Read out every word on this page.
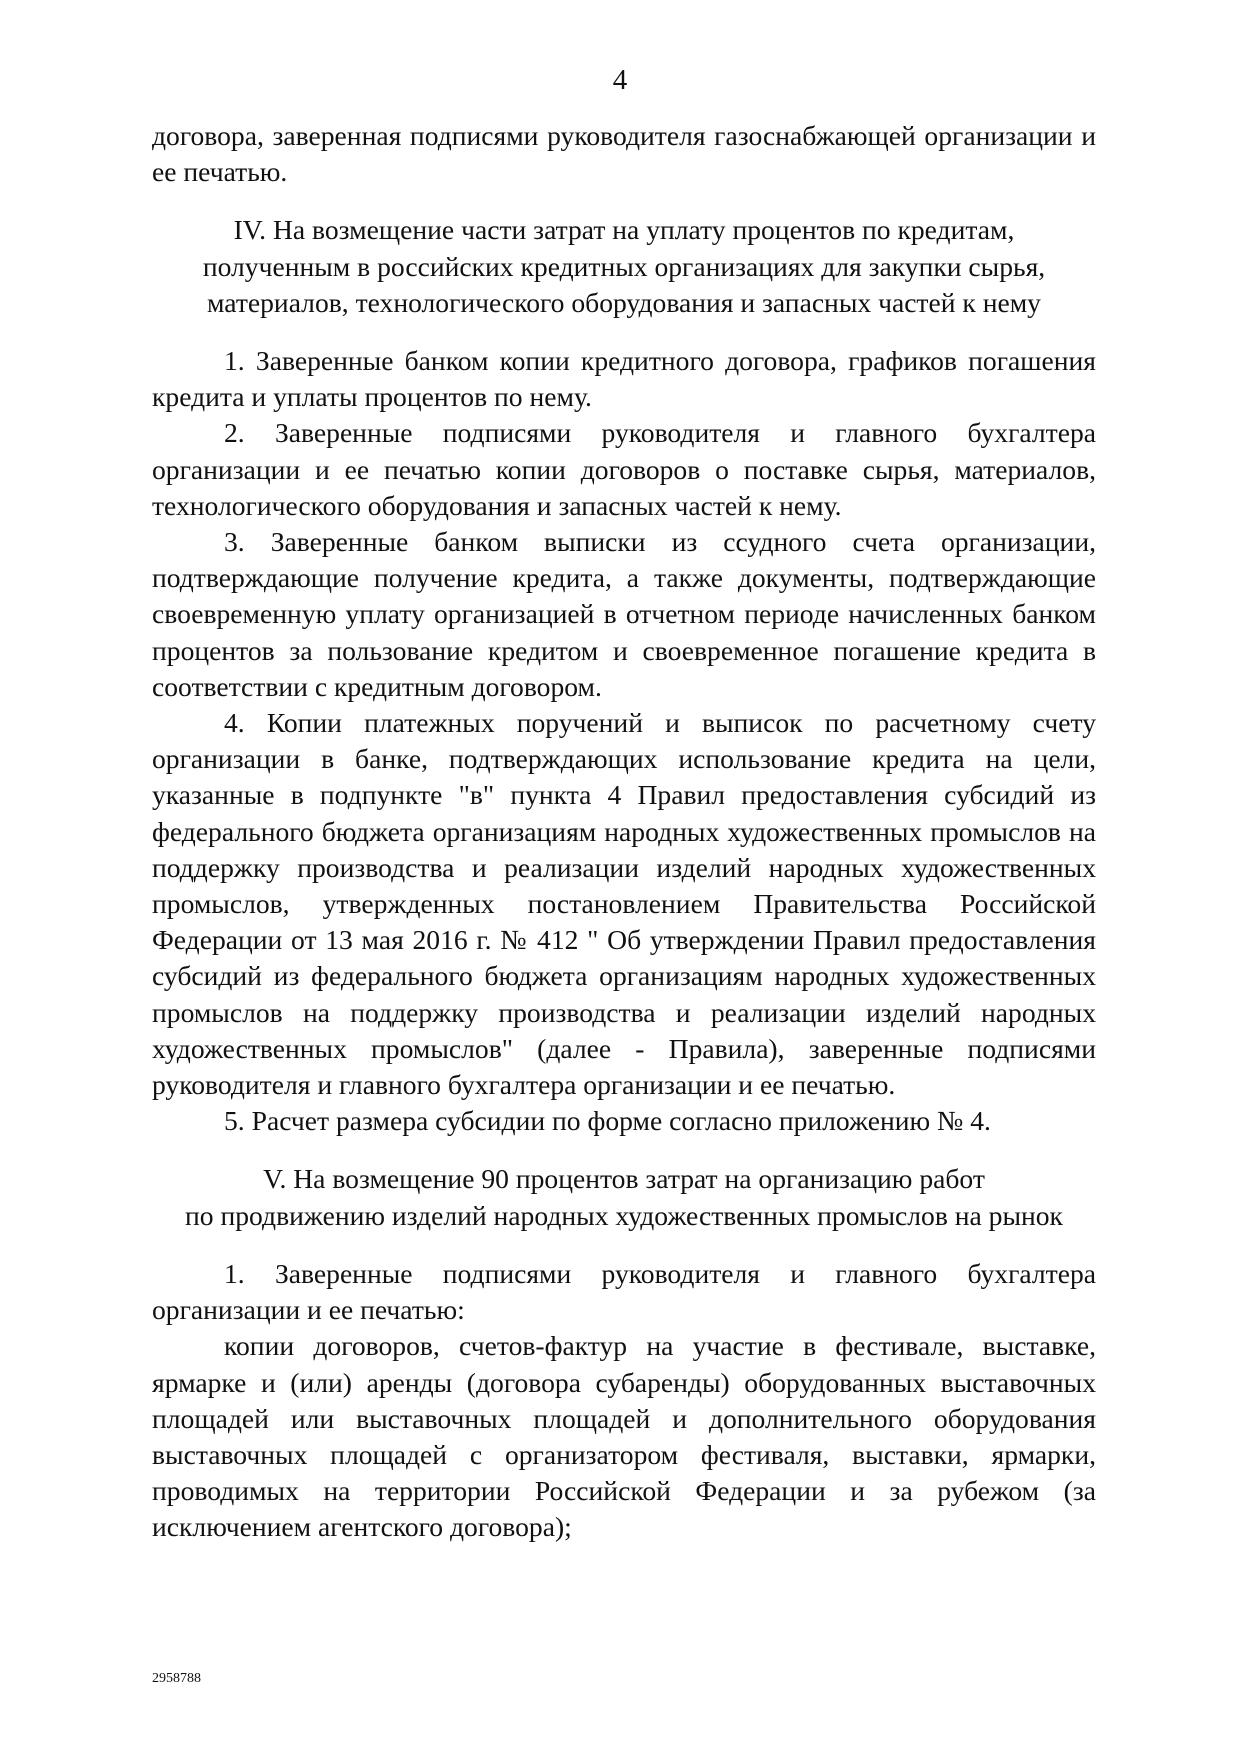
4

договора, заверенная подписями руководителя газоснабжающей организации и ее печатью.

IV. На возмещение части затрат на уплату процентов по кредитам,
полученным в российских кредитных организациях для закупки сырья,
материалов, технологического оборудования и запасных частей к нему

1. Заверенные банком копии кредитного договора, графиков погашения кредита и уплаты процентов по нему.

2. Заверенные подписями руководителя и главного бухгалтера организации и ее печатью копии договоров о поставке сырья, материалов, технологического оборудования и запасных частей к нему.

3. Заверенные банком выписки из ссудного счета организации, подтверждающие получение кредита, а также документы, подтверждающие своевременную уплату организацией в отчетном периоде начисленных банком процентов за пользование кредитом и своевременное погашение кредита в соответствии с кредитным договором.

4. Копии платежных поручений и выписок по расчетному счету организации в банке, подтверждающих использование кредита на цели, указанные в подпункте "в" пункта 4 Правил предоставления субсидий из федерального бюджета организациям народных художественных промыслов на поддержку производства и реализации изделий народных художественных промыслов, утвержденных постановлением Правительства Российской Федерации от 13 мая 2016 г. № 412 " Об утверждении Правил предоставления субсидий из федерального бюджета организациям народных художественных промыслов на поддержку производства и реализации изделий народных художественных промыслов" (далее - Правила), заверенные подписями руководителя и главного бухгалтера организации и ее печатью.

5. Расчет размера субсидии по форме согласно приложению № 4.

V. На возмещение 90 процентов затрат на организацию работ
по продвижению изделий народных художественных промыслов на рынок

1. Заверенные подписями руководителя и главного бухгалтера организации и ее печатью:

копии договоров, счетов-фактур на участие в фестивале, выставке, ярмарке и (или) аренды (договора субаренды) оборудованных выставочных площадей или выставочных площадей и дополнительного оборудования выставочных площадей с организатором фестиваля, выставки, ярмарки, проводимых на территории Российской Федерации и за рубежом (за исключением агентского договора);

2958788
